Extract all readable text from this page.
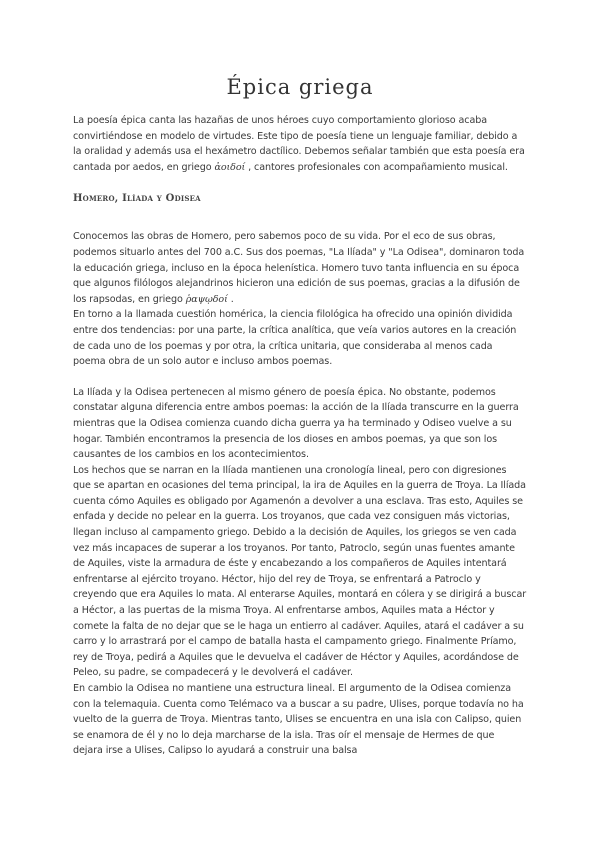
Épica griega

La poesía épica canta las hazañas de unos héroes cuyo comportamiento glorioso acaba convirtiéndose en modelo de virtudes. Este tipo de poesía tiene un lenguaje familiar, debido a la oralidad y además usa el hexámetro dactílico. Debemos señalar también que esta poesía era cantada por aedos, en griego ἀοιδοί , cantores profesionales con acompañamiento musical.

Homero, Ilíada y Odisea

Conocemos las obras de Homero, pero sabemos poco de su vida. Por el eco de sus obras, podemos situarlo antes del 700 a.C. Sus dos poemas, "La Ilíada" y "La Odisea", dominaron toda la educación griega, incluso en la época helenística. Homero tuvo tanta influencia en su época que algunos filólogos alejandrinos hicieron una edición de sus poemas, gracias a la difusión de los rapsodas, en griego ῥαψῳδοί .

En torno a la llamada cuestión homérica, la ciencia filológica ha ofrecido una opinión dividida entre dos tendencias: por una parte, la crítica analítica, que veía varios autores en la creación de cada uno de los poemas y por otra, la crítica unitaria, que consideraba al menos cada poema obra de un solo autor e incluso ambos poemas.

La Ilíada y la Odisea pertenecen al mismo género de poesía épica. No obstante, podemos constatar alguna diferencia entre ambos poemas: la acción de la Ilíada transcurre en la guerra mientras que la Odisea comienza cuando dicha guerra ya ha terminado y Odiseo vuelve a su hogar. También encontramos la presencia de los dioses en ambos poemas, ya que son los causantes de los cambios en los acontecimientos.

Los hechos que se narran en la Ilíada mantienen una cronología lineal, pero con digresiones que se apartan en ocasiones del tema principal, la ira de Aquiles en la guerra de Troya. La Ilíada cuenta cómo Aquiles es obligado por Agamenón a devolver a una esclava. Tras esto, Aquiles se enfada y decide no pelear en la guerra. Los troyanos, que cada vez consiguen más victorias, llegan incluso al campamento griego. Debido a la decisión de Aquiles, los griegos se ven cada vez más incapaces de superar a los troyanos. Por tanto, Patroclo, según unas fuentes amante de Aquiles, viste la armadura de éste y encabezando a los compañeros de Aquiles intentará enfrentarse al ejército troyano. Héctor, hijo del rey de Troya, se enfrentará a Patroclo y creyendo que era Aquiles lo mata. Al enterarse Aquiles, montará en cólera y se dirigirá a buscar a Héctor, a las puertas de la misma Troya. Al enfrentarse ambos, Aquiles mata a Héctor y comete la falta de no dejar que se le haga un entierro al cadáver. Aquiles, atará el cadáver a su carro y lo arrastrará por el campo de batalla hasta el campamento griego. Finalmente Príamo, rey de Troya, pedirá a Aquiles que le devuelva el cadáver de Héctor y Aquiles, acordándose de Peleo, su padre, se compadecerá y le devolverá el cadáver.

En cambio la Odisea no mantiene una estructura lineal. El argumento de la Odisea comienza con la telemaquia. Cuenta como Telémaco va a buscar a su padre, Ulises, porque todavía no ha vuelto de la guerra de Troya. Mientras tanto, Ulises se encuentra en una isla con Calipso, quien se enamora de él y no lo deja marcharse de la isla. Tras oír el mensaje de Hermes de que dejara irse a Ulises, Calipso lo ayudará a construir una balsa
